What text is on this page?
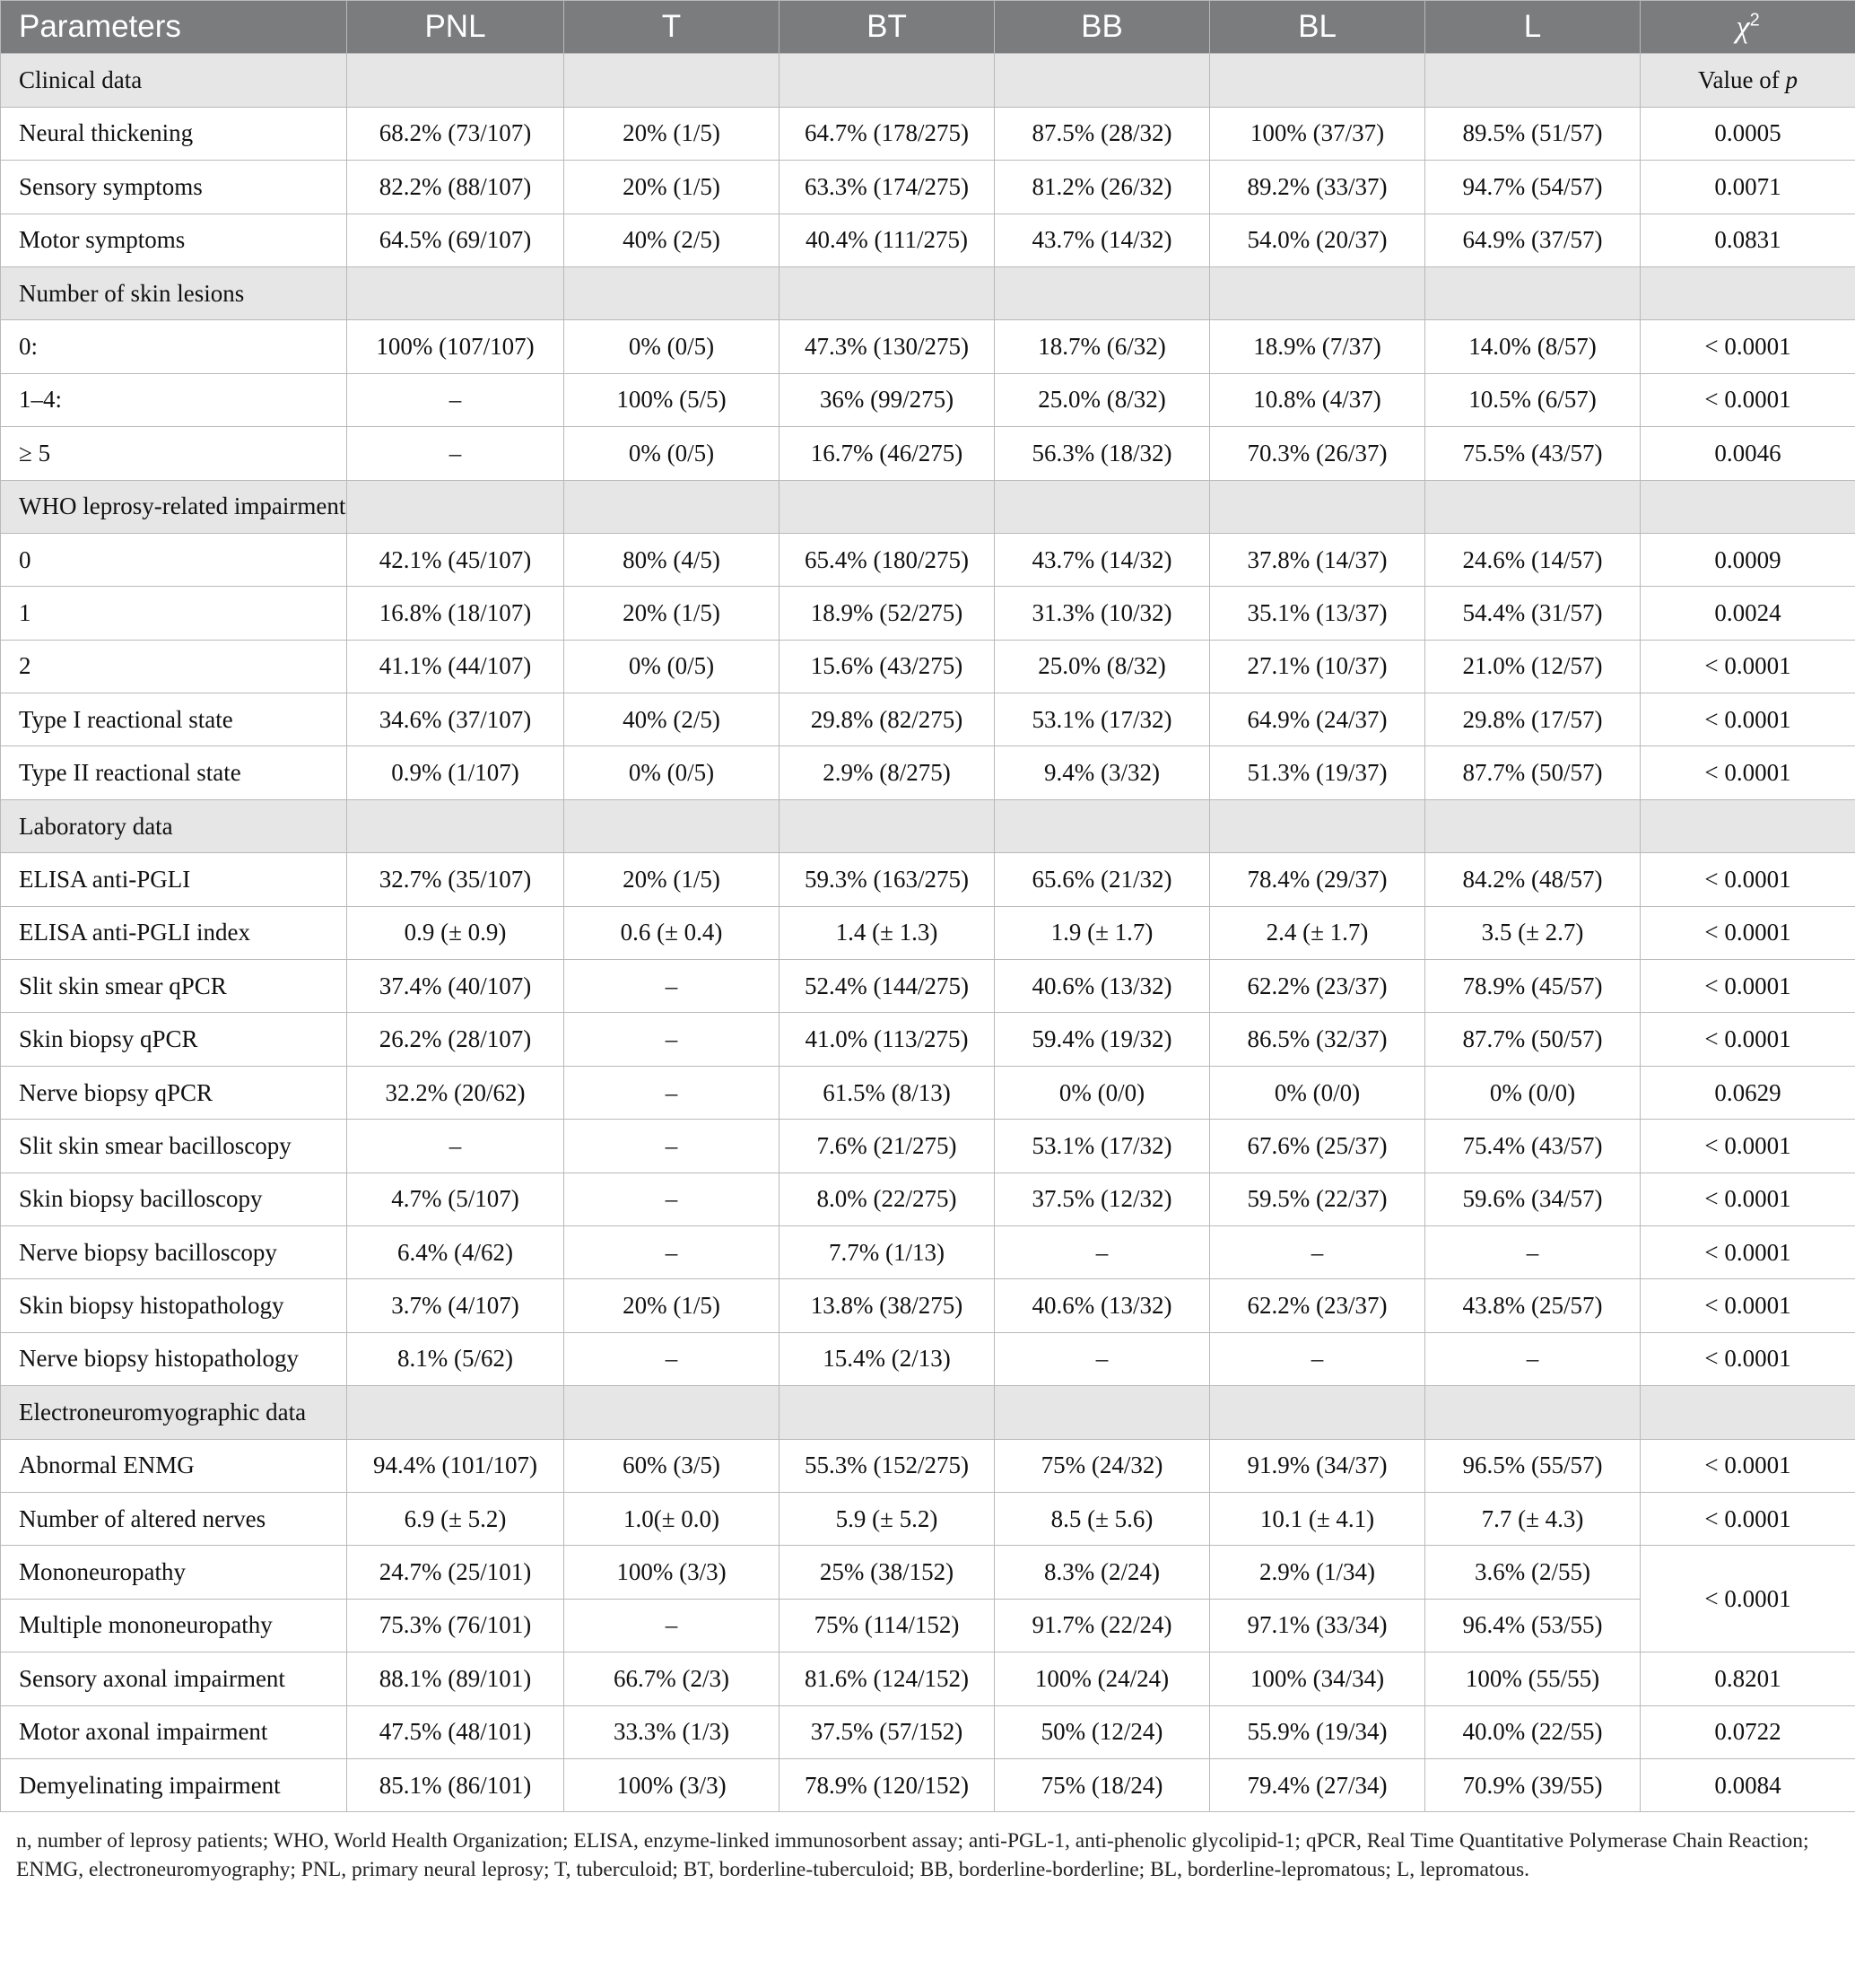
Parameters	PNL	T	BT	BB	BL	L	$\chi^2$
Clinical data							Value of p
Neural thickening	68.2% (73/107)	20% (1/5)	64.7% (178/275)	87.5% (28/32)	100% (37/37)	89.5% (51/57)	0.0005
Sensory symptoms	82.2% (88/107)	20% (1/5)	63.3% (174/275)	81.2% (26/32)	89.2% (33/37)	94.7% (54/57)	0.0071
Motor symptoms	64.5% (69/107)	40% (2/5)	40.4% (111/275)	43.7% (14/32)	54.0% (20/37)	64.9% (37/57)	0.0831
Number of skin lesions							
0:	100% (107/107)	0% (0/5)	47.3% (130/275)	18.7% (6/32)	18.9% (7/37)	14.0% (8/57)	< 0.0001
1–4:	–	100% (5/5)	36% (99/275)	25.0% (8/32)	10.8% (4/37)	10.5% (6/57)	< 0.0001
≥ 5	–	0% (0/5)	16.7% (46/275)	56.3% (18/32)	70.3% (26/37)	75.5% (43/57)	0.0046
WHO leprosy-related impairment							
0	42.1% (45/107)	80% (4/5)	65.4% (180/275)	43.7% (14/32)	37.8% (14/37)	24.6% (14/57)	0.0009
1	16.8% (18/107)	20% (1/5)	18.9% (52/275)	31.3% (10/32)	35.1% (13/37)	54.4% (31/57)	0.0024
2	41.1% (44/107)	0% (0/5)	15.6% (43/275)	25.0% (8/32)	27.1% (10/37)	21.0% (12/57)	< 0.0001
Type I reactional state	34.6% (37/107)	40% (2/5)	29.8% (82/275)	53.1% (17/32)	64.9% (24/37)	29.8% (17/57)	< 0.0001
Type II reactional state	0.9% (1/107)	0% (0/5)	2.9% (8/275)	9.4% (3/32)	51.3% (19/37)	87.7% (50/57)	< 0.0001
Laboratory data							
ELISA anti-PGLI	32.7% (35/107)	20% (1/5)	59.3% (163/275)	65.6% (21/32)	78.4% (29/37)	84.2% (48/57)	< 0.0001
ELISA anti-PGLI index	0.9 (± 0.9)	0.6 (± 0.4)	1.4 (± 1.3)	1.9 (± 1.7)	2.4 (± 1.7)	3.5 (± 2.7)	< 0.0001
Slit skin smear qPCR	37.4% (40/107)	–	52.4% (144/275)	40.6% (13/32)	62.2% (23/37)	78.9% (45/57)	< 0.0001
Skin biopsy qPCR	26.2% (28/107)	–	41.0% (113/275)	59.4% (19/32)	86.5% (32/37)	87.7% (50/57)	< 0.0001
Nerve biopsy qPCR	32.2% (20/62)	–	61.5% (8/13)	0% (0/0)	0% (0/0)	0% (0/0)	0.0629
Slit skin smear bacilloscopy	–	–	7.6% (21/275)	53.1% (17/32)	67.6% (25/37)	75.4% (43/57)	< 0.0001
Skin biopsy bacilloscopy	4.7% (5/107)	–	8.0% (22/275)	37.5% (12/32)	59.5% (22/37)	59.6% (34/57)	< 0.0001
Nerve biopsy bacilloscopy	6.4% (4/62)	–	7.7% (1/13)	–	–	–	< 0.0001
Skin biopsy histopathology	3.7% (4/107)	20% (1/5)	13.8% (38/275)	40.6% (13/32)	62.2% (23/37)	43.8% (25/57)	< 0.0001
Nerve biopsy histopathology	8.1% (5/62)	–	15.4% (2/13)	–	–	–	< 0.0001
Electroneuromyographic data							
Abnormal ENMG	94.4% (101/107)	60% (3/5)	55.3% (152/275)	75% (24/32)	91.9% (34/37)	96.5% (55/57)	< 0.0001
Number of altered nerves	6.9 (± 5.2)	1.0(± 0.0)	5.9 (± 5.2)	8.5 (± 5.6)	10.1 (± 4.1)	7.7 (± 4.3)	< 0.0001
Mononeuropathy	24.7% (25/101)	100% (3/3)	25% (38/152)	8.3% (2/24)	2.9% (1/34)	3.6% (2/55)	< 0.0001
Multiple mononeuropathy	75.3% (76/101)	–	75% (114/152)	91.7% (22/24)	97.1% (33/34)	96.4% (53/55)	
Sensory axonal impairment	88.1% (89/101)	66.7% (2/3)	81.6% (124/152)	100% (24/24)	100% (34/34)	100% (55/55)	0.8201
Motor axonal impairment	47.5% (48/101)	33.3% (1/3)	37.5% (57/152)	50% (12/24)	55.9% (19/34)	40.0% (22/55)	0.0722
Demyelinating impairment	85.1% (86/101)	100% (3/3)	78.9% (120/152)	75% (18/24)	79.4% (27/34)	70.9% (39/55)	0.0084

n, number of leprosy patients; WHO, World Health Organization; ELISA, enzyme-linked immunosorbent assay; anti-PGL-1, anti-phenolic glycolipid-1; qPCR, Real Time Quantitative Polymerase Chain Reaction; ENMG, electroneuromyography; PNL, primary neural leprosy; T, tuberculoid; BT, borderline-tuberculoid; BB, borderline-borderline; BL, borderline-lepromatous; L, lepromatous.
